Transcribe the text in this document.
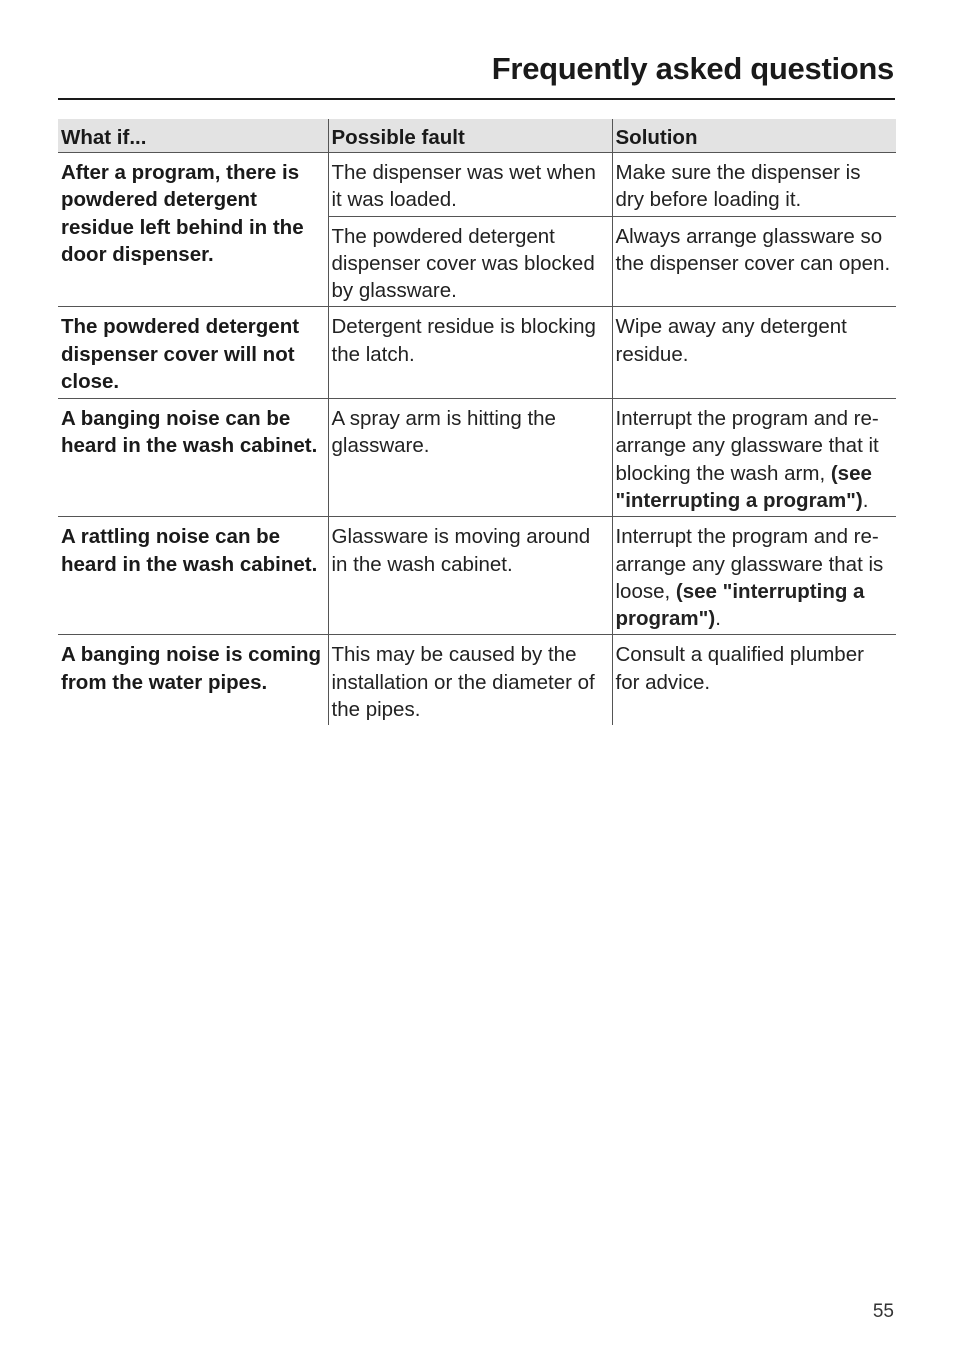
Frequently asked questions
What if...	Possible fault	Solution
After a program, there is powdered detergent residue left behind in the door dispenser.	The dispenser was wet when it was loaded.	Make sure the dispenser is dry before loading it.
	The powdered detergent dispenser cover was blocked by glassware.	Always arrange glassware so the dispenser cover can open.
The powdered detergent dispenser cover will not close.	Detergent residue is blocking the latch.	Wipe away any detergent residue.
A banging noise can be heard in the wash cabinet.	A spray arm is hitting the glassware.	Interrupt the program and re-arrange any glassware that it blocking the wash arm, (see "interrupting a program").
A rattling noise can be heard in the wash cabinet.	Glassware is moving around in the wash cabinet.	Interrupt the program and re-arrange any glassware that is loose, (see "interrupting a program").
A banging noise is coming from the water pipes.	This may be caused by the installation or the diameter of the pipes.	Consult a qualified plumber for advice.
55
